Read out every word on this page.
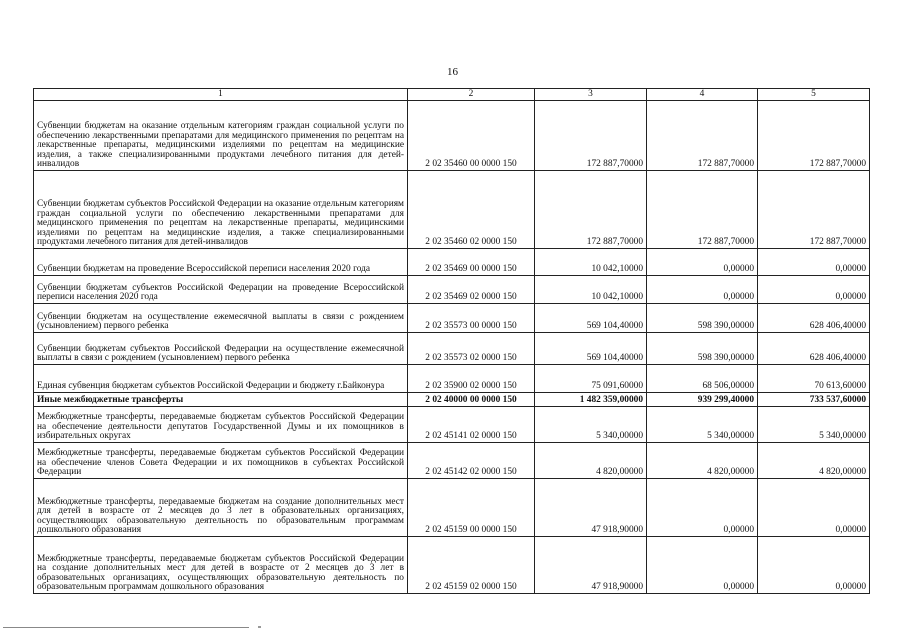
16
1	2	3	4	5
Субвенции бюджетам на оказание отдельным категориям граждан социальной услуги по обеспечению лекарственными препаратами для медицинского применения по рецептам на лекарственные препараты, медицинскими изделиями по рецептам на медицинские изделия, а также специализированными продуктами лечебного питания для детей-инвалидов	2 02 35460 00 0000 150	172 887,70000	172 887,70000	172 887,70000
Субвенции бюджетам субъектов Российской Федерации на оказание отдельным категориям граждан социальной услуги по обеспечению лекарственными препаратами для медицинского применения по рецептам на лекарственные препараты, медицинскими изделиями по рецептам на медицинские изделия, а также специализированными продуктами лечебного питания для детей-инвалидов	2 02 35460 02 0000 150	172 887,70000	172 887,70000	172 887,70000
Субвенции бюджетам на проведение Всероссийской переписи населения 2020 года	2 02 35469 00 0000 150	10 042,10000	0,00000	0,00000
Субвенции бюджетам субъектов Российской Федерации на проведение Всероссийской переписи населения 2020 года	2 02 35469 02 0000 150	10 042,10000	0,00000	0,00000
Субвенции бюджетам на осуществление ежемесячной выплаты в связи с рождением (усыновлением) первого ребенка	2 02 35573 00 0000 150	569 104,40000	598 390,00000	628 406,40000
Субвенции бюджетам субъектов Российской Федерации на осуществление ежемесячной выплаты в связи с рождением (усыновлением) первого ребенка	2 02 35573 02 0000 150	569 104,40000	598 390,00000	628 406,40000
Единая субвенция бюджетам субъектов Российской Федерации и бюджету г.Байконура	2 02 35900 02 0000 150	75 091,60000	68 506,00000	70 613,60000
Иные межбюджетные трансферты	2 02 40000 00 0000 150	1 482 359,00000	939 299,40000	733 537,60000
Межбюджетные трансферты, передаваемые бюджетам субъектов Российской Федерации на обеспечение деятельности депутатов Государственной Думы и их помощников в избирательных округах	2 02 45141 02 0000 150	5 340,00000	5 340,00000	5 340,00000
Межбюджетные трансферты, передаваемые бюджетам субъектов Российской Федерации на обеспечение членов Совета Федерации и их помощников в субъектах Российской Федерации	2 02 45142 02 0000 150	4 820,00000	4 820,00000	4 820,00000
Межбюджетные трансферты, передаваемые бюджетам на создание дополнительных мест для детей в возрасте от 2 месяцев до 3 лет в образовательных организациях, осуществляющих образовательную деятельность по образовательным программам дошкольного образования	2 02 45159 00 0000 150	47 918,90000	0,00000	0,00000
Межбюджетные трансферты, передаваемые бюджетам субъектов Российской Федерации на создание дополнительных мест для детей в возрасте от 2 месяцев до 3 лет в образовательных организациях, осуществляющих образовательную деятельность по образовательным программам дошкольного образования	2 02 45159 02 0000 150	47 918,90000	0,00000	0,00000
